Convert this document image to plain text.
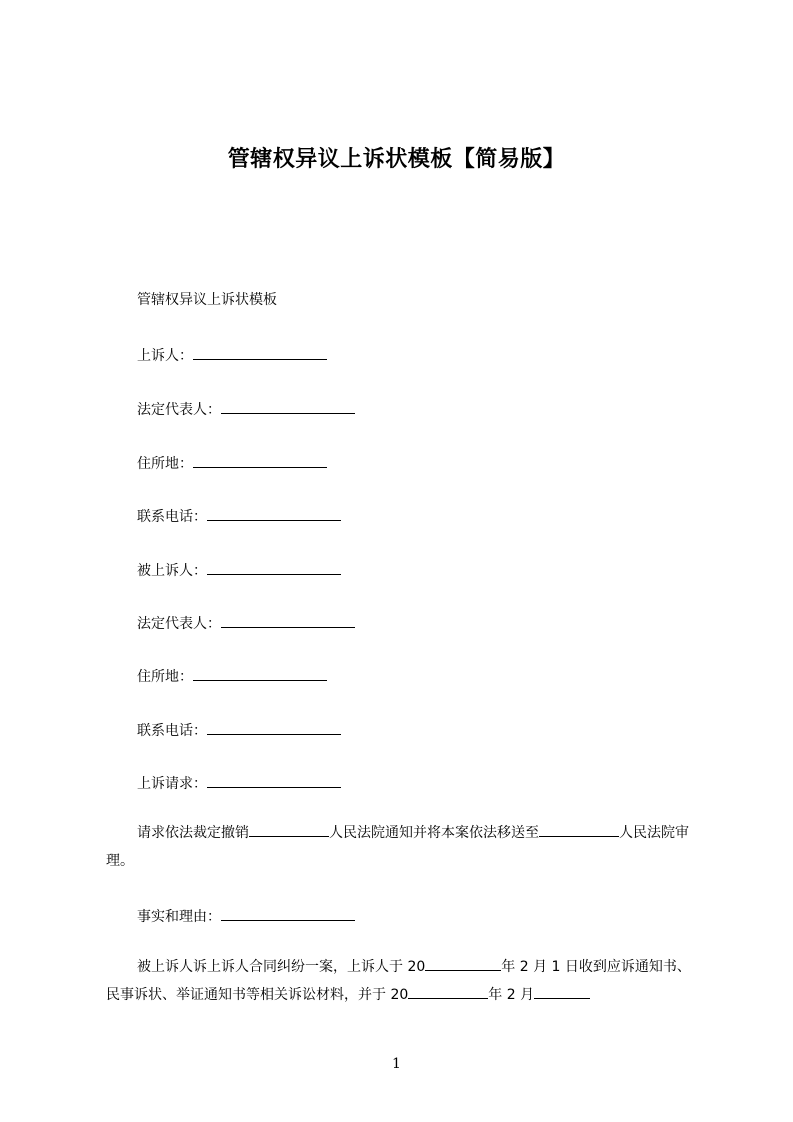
管辖权异议上诉状模板【简易版】
管辖权异议上诉状模板
上诉人：
法定代表人：
住所地：
联系电话：
被上诉人：
法定代表人：
住所地：
联系电话：
上诉请求：
请求依法裁定撤销	人民法院通知并将本案依法移送至	人民法院审理。
事实和理由：
被上诉人诉上诉人合同纠纷一案，上诉人于 20	年 2 月 1 日收到应诉通知书、民事诉状、举证通知书等相关诉讼材料，并于 20	年 2 月
1
